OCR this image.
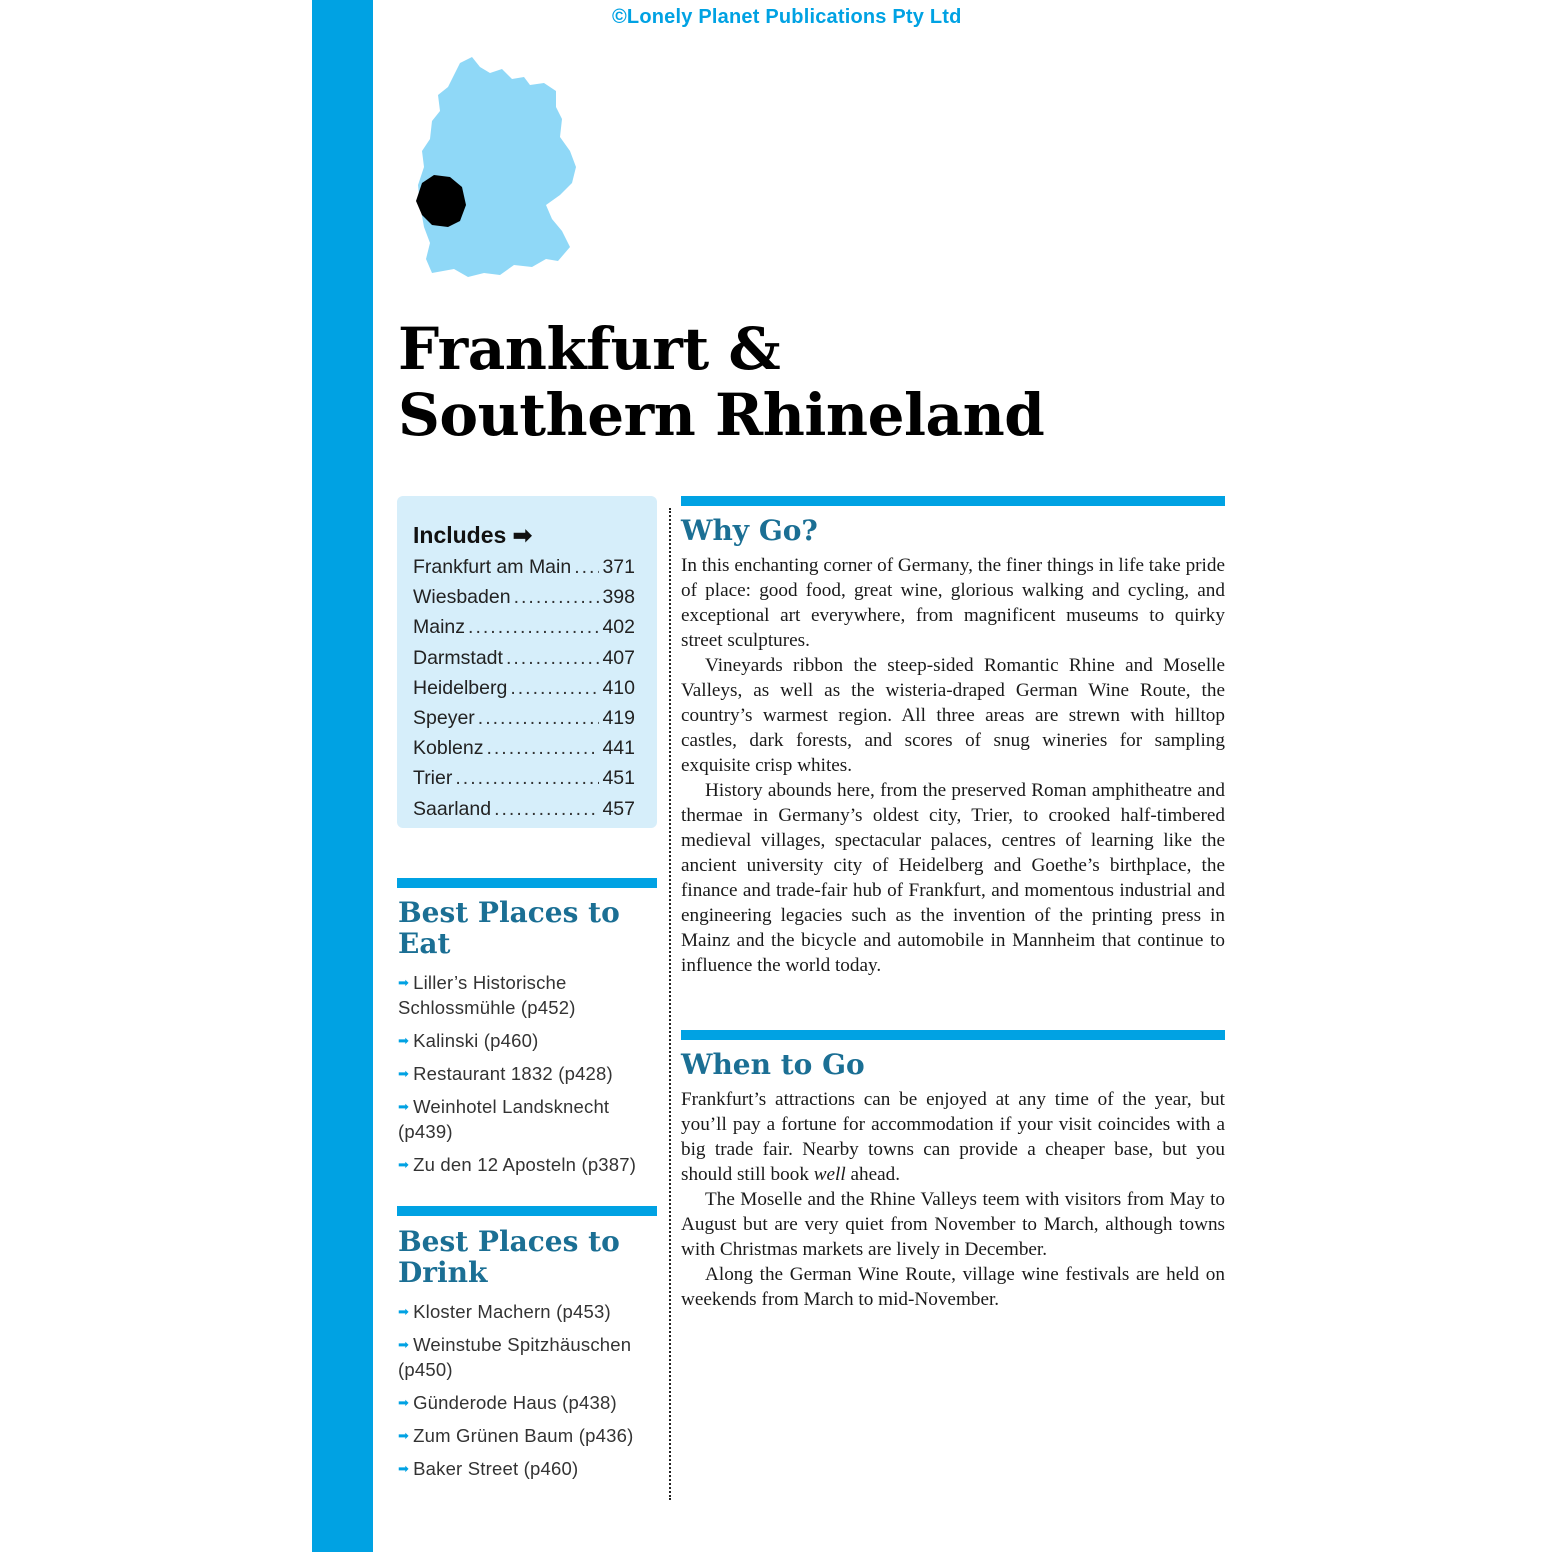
©Lonely Planet Publications Pty Ltd
Frankfurt &
Southern Rhineland
Includes ➡
Frankfurt am Main ..... 371
Wiesbaden .....	398
Mainz .....	402
Darmstadt .....	407
Heidelberg .....	410
Speyer .....	419
Koblenz .....	441
Trier .....	451
Saarland .....	457
Best Places to Eat
➡ Liller’s Historische Schlossmühle (p452)
➡ Kalinski (p460)
➡ Restaurant 1832 (p428)
➡ Weinhotel Landsknecht (p439)
➡ Zu den 12 Aposteln (p387)
Best Places to Drink
➡ Kloster Machern (p453)
➡ Weinstube Spitzhäuschen (p450)
➡ Günderode Haus (p438)
➡ Zum Grünen Baum (p436)
➡ Baker Street (p460)
Why Go?

In this enchanting corner of Germany, the finer things in life take pride of place: good food, great wine, glorious walking and cycling, and exceptional art everywhere, from magnificent museums to quirky street sculptures.

Vineyards ribbon the steep-sided Romantic Rhine and Moselle Valleys, as well as the wisteria-draped German Wine Route, the country’s warmest region. All three areas are strewn with hilltop castles, dark forests, and scores of snug wineries for sampling exquisite crisp whites.

History abounds here, from the preserved Roman amphitheatre and thermae in Germany’s oldest city, Trier, to crooked half-timbered medieval villages, spectacular palaces, centres of learning like the ancient university city of Heidelberg and Goethe’s birthplace, the finance and trade-fair hub of Frankfurt, and momentous industrial and engineering legacies such as the invention of the printing press in Mainz and the bicycle and automobile in Mannheim that continue to influence the world today.

When to Go

Frankfurt’s attractions can be enjoyed at any time of the year, but you’ll pay a fortune for accommodation if your visit coincides with a big trade fair. Nearby towns can provide a cheaper base, but you should still book well ahead.

The Moselle and the Rhine Valleys teem with visitors from May to August but are very quiet from November to March, although towns with Christmas markets are lively in December.

Along the German Wine Route, village wine festivals are held on weekends from March to mid-November.
